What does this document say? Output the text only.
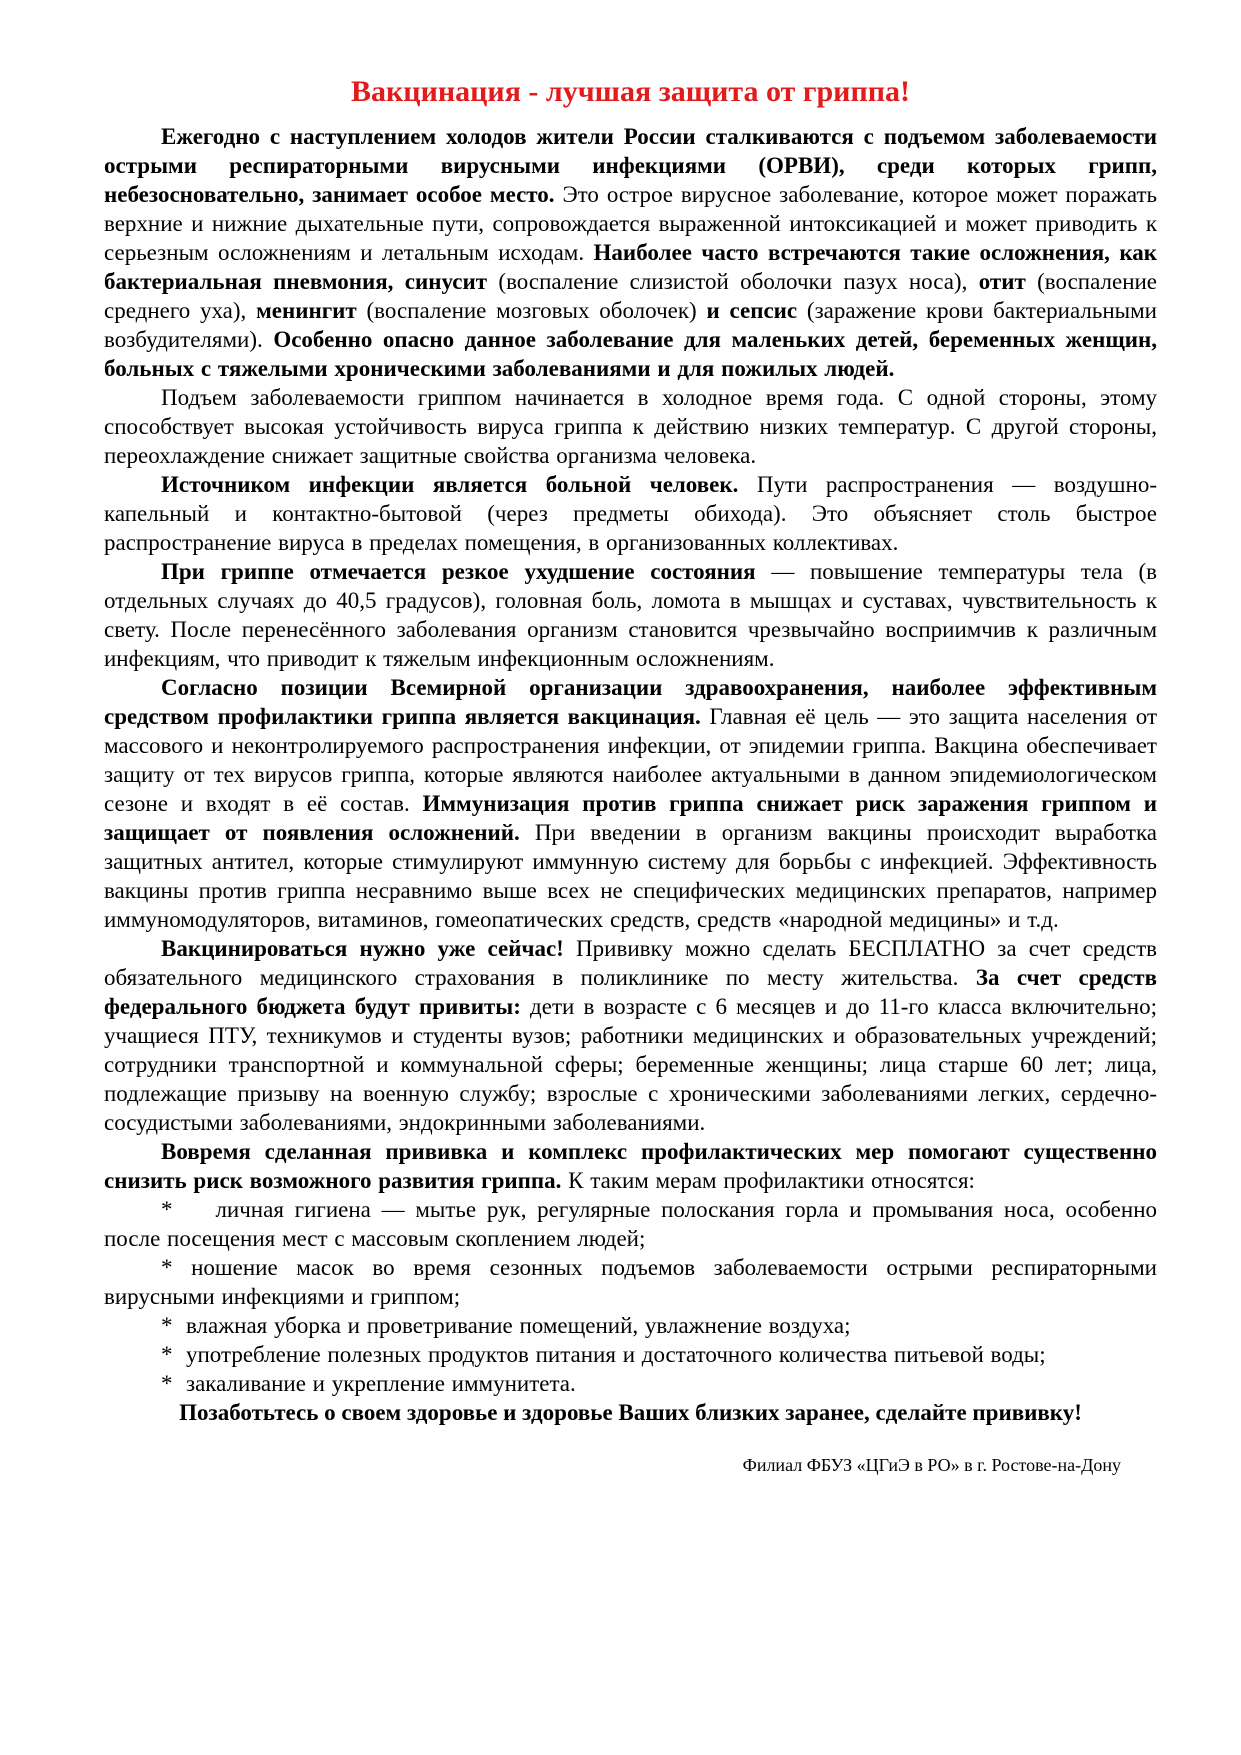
Вакцинация - лучшая защита от гриппа!

Ежегодно с наступлением холодов жители России сталкиваются с подъемом заболеваемости острыми респираторными вирусными инфекциями (ОРВИ), среди которых грипп, небезосновательно, занимает особое место. Это острое вирусное заболевание, которое может поражать верхние и нижние дыхательные пути, сопровождается выраженной интоксикацией и может приводить к серьезным осложнениям и летальным исходам. Наиболее часто встречаются такие осложнения, как бактериальная пневмония, синусит (воспаление слизистой оболочки пазух носа), отит (воспаление среднего уха), менингит (воспаление мозговых оболочек) и сепсис (заражение крови бактериальными возбудителями). Особенно опасно данное заболевание для маленьких детей, беременных женщин, больных с тяжелыми хроническими заболеваниями и для пожилых людей.

Подъем заболеваемости гриппом начинается в холодное время года. С одной стороны, этому способствует высокая устойчивость вируса гриппа к действию низких температур. С другой стороны, переохлаждение снижает защитные свойства организма человека.

Источником инфекции является больной человек. Пути распространения — воздушно-капельный и контактно-бытовой (через предметы обихода). Это объясняет столь быстрое распространение вируса в пределах помещения, в организованных коллективах.

При гриппе отмечается резкое ухудшение состояния — повышение температуры тела (в отдельных случаях до 40,5 градусов), головная боль, ломота в мышцах и суставах, чувствительность к свету. После перенесённого заболевания организм становится чрезвычайно восприимчив к различным инфекциям, что приводит к тяжелым инфекционным осложнениям.

Согласно позиции Всемирной организации здравоохранения, наиболее эффективным средством профилактики гриппа является вакцинация. Главная её цель — это защита населения от массового и неконтролируемого распространения инфекции, от эпидемии гриппа. Вакцина обеспечивает защиту от тех вирусов гриппа, которые являются наиболее актуальными в данном эпидемиологическом сезоне и входят в её состав. Иммунизация против гриппа снижает риск заражения гриппом и защищает от появления осложнений. При введении в организм вакцины происходит выработка защитных антител, которые стимулируют иммунную систему для борьбы с инфекцией. Эффективность вакцины против гриппа несравнимо выше всех не специфических медицинских препаратов, например иммуномодуляторов, витаминов, гомеопатических средств, средств «народной медицины» и т.д.

Вакцинироваться нужно уже сейчас! Прививку можно сделать БЕСПЛАТНО за счет средств обязательного медицинского страхования в поликлинике по месту жительства. За счет средств федерального бюджета будут привиты: дети в возрасте с 6 месяцев и до 11-го класса включительно; учащиеся ПТУ, техникумов и студенты вузов; работники медицинских и образовательных учреждений; сотрудники транспортной и коммунальной сферы; беременные женщины; лица старше 60 лет; лица, подлежащие призыву на военную службу; взрослые с хроническими заболеваниями легких, сердечно-сосудистыми заболеваниями, эндокринными заболеваниями.

Вовремя сделанная прививка и комплекс профилактических мер помогают существенно снизить риск возможного развития гриппа. К таким мерам профилактики относятся:

*    личная гигиена — мытье рук, регулярные полоскания горла и промывания носа, особенно после посещения мест с массовым скоплением людей;

* ношение масок во время сезонных подъемов заболеваемости острыми респираторными вирусными инфекциями и гриппом;

*  влажная уборка и проветривание помещений, увлажнение воздуха;

*  употребление полезных продуктов питания и достаточного количества питьевой воды;

*  закаливание и укрепление иммунитета.

Позаботьтесь о своем здоровье и здоровье Ваших близких заранее, сделайте прививку!

Филиал ФБУЗ «ЦГиЭ в РО» в г. Ростове-на-Дону
